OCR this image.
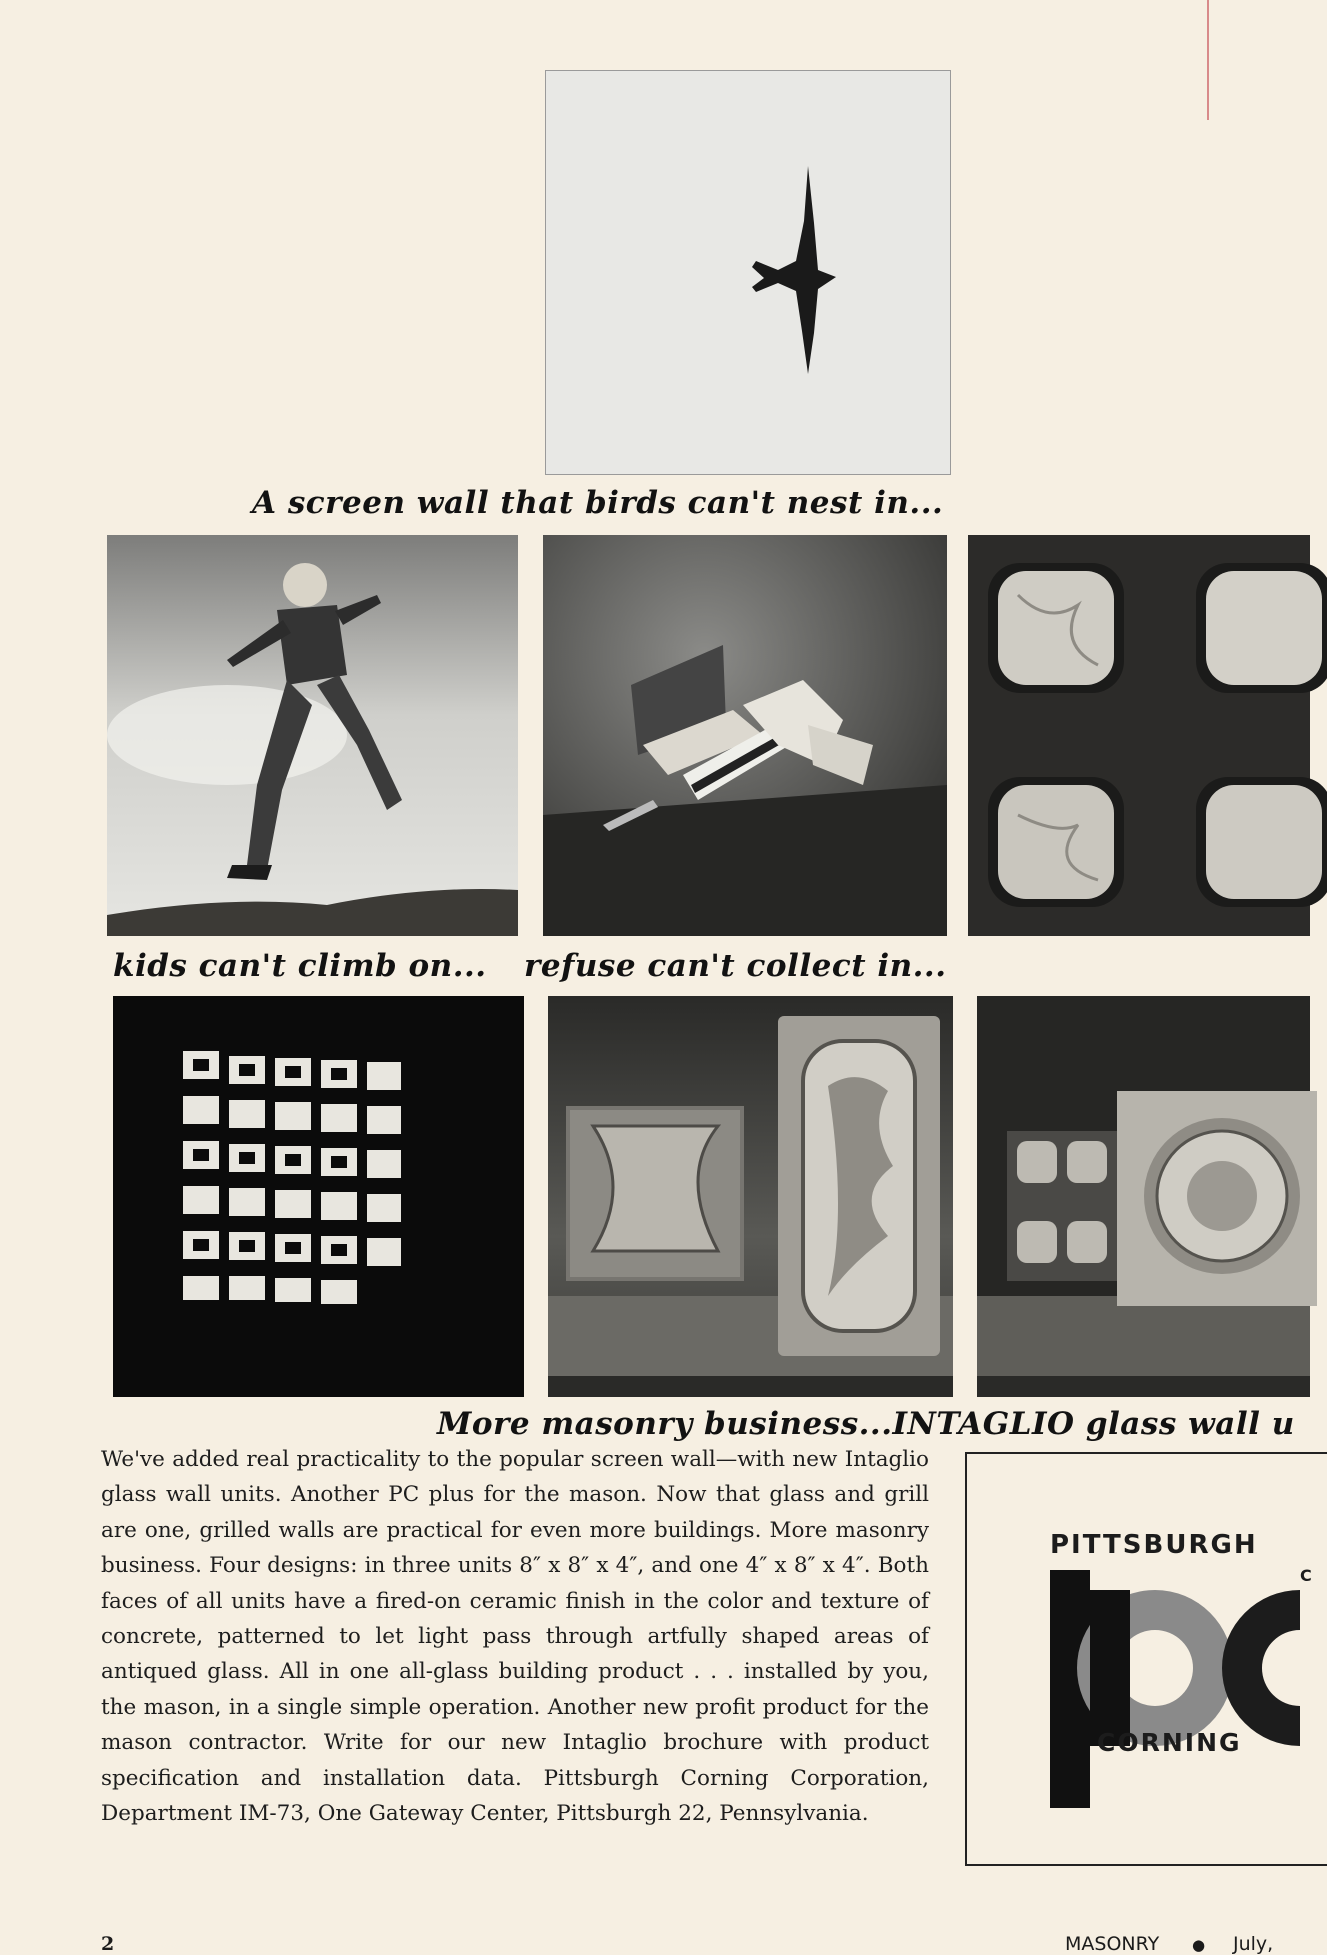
A screen wall that birds can't nest in...
kids can't climb on... refuse can't collect in...
More masonry business...INTAGLIO glass wall u
We've added real practicality to the popular screen wall—with new Intaglio glass wall units. Another PC plus for the mason. Now that glass and grill are one, grilled walls are practical for even more buildings. More masonry business. Four designs: in three units 8″ x 8″ x 4″, and one 4″ x 8″ x 4″. Both faces of all units have a fired-on ceramic finish in the color and texture of concrete, patterned to let light pass through artfully shaped areas of antiqued glass. All in one all-glass building product . . . installed by you, the mason, in a single simple operation. Another new profit product for the mason contractor. Write for our new Intaglio brochure with product specification and installation data. Pittsburgh Corning Corporation, Department IM-73, One Gateway Center, Pittsburgh 22, Pennsylvania.
PITTSBURGH
C
CORNING
2	MASONRY ● July,
